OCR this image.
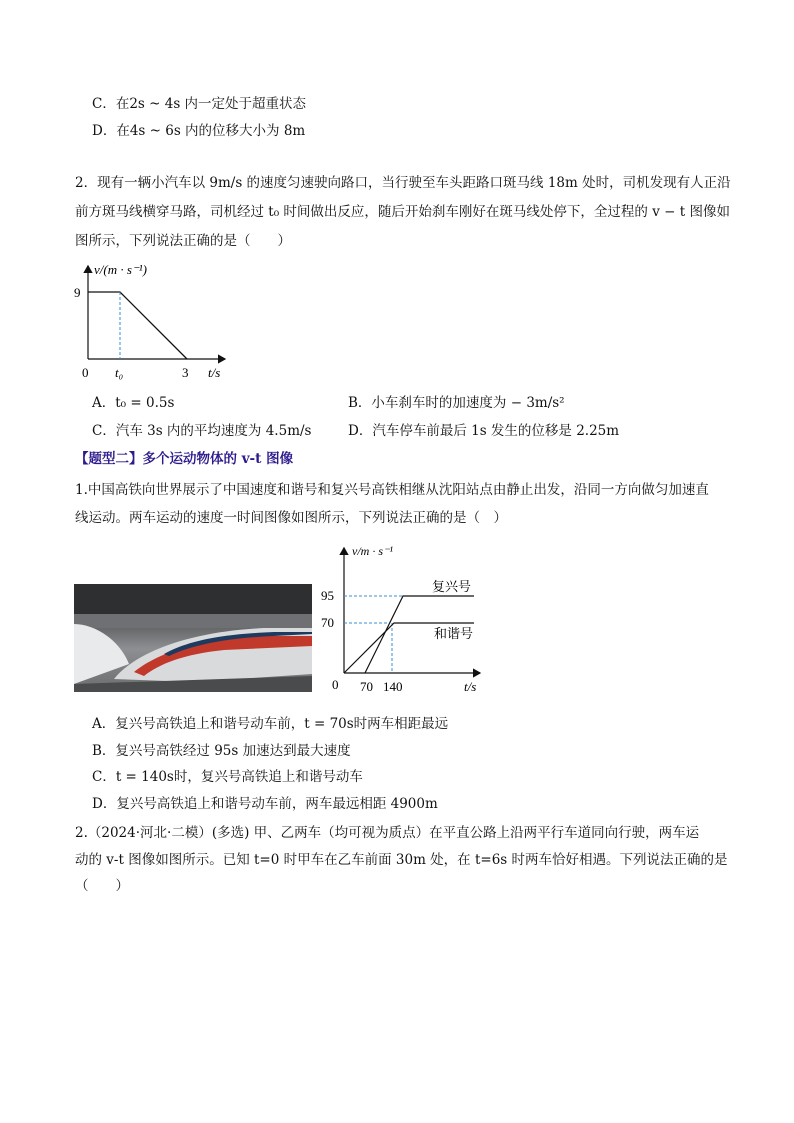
C．在2s ~ 4s 内一定处于超重状态
D．在4s ~ 6s 内的位移大小为 8m
2．现有一辆小汽车以 9m/s 的速度匀速驶向路口，当行驶至车头距路口斑马线 18m 处时，司机发现有人正沿
前方斑马线横穿马路，司机经过 t₀ 时间做出反应，随后开始刹车刚好在斑马线处停下，全过程的 v − t 图像如
图所示，下列说法正确的是（　　）
v/(m · s⁻¹)
9
0 t₀	3 t/s
A．t₀ = 0.5s	B．小车刹车时的加速度为 − 3m/s²
C．汽车 3s 内的平均速度为 4.5m/s	D．汽车停车前最后 1s 发生的位移是 2.25m
【题型二】多个运动物体的 v-t 图像
1.中国高铁向世界展示了中国速度和谐号和复兴号高铁相继从沈阳站点由静止出发，沿同一方向做匀加速直
线运动。两车运动的速度一时间图像如图所示，下列说法正确的是（　）
v/m · s⁻¹
95
70
0 70 140	t/s
复兴号
和谐号
A．复兴号高铁追上和谐号动车前，t = 70s时两车相距最远
B．复兴号高铁经过 95s 加速达到最大速度
C．t = 140s时，复兴号高铁追上和谐号动车
D．复兴号高铁追上和谐号动车前，两车最远相距 4900m
2.（2024·河北·二模）(多选) 甲、乙两车（均可视为质点）在平直公路上沿两平行车道同向行驶，两车运
动的 v-t 图像如图所示。已知 t=0 时甲车在乙车前面 30m 处，在 t=6s 时两车恰好相遇。下列说法正确的是
（　　）
